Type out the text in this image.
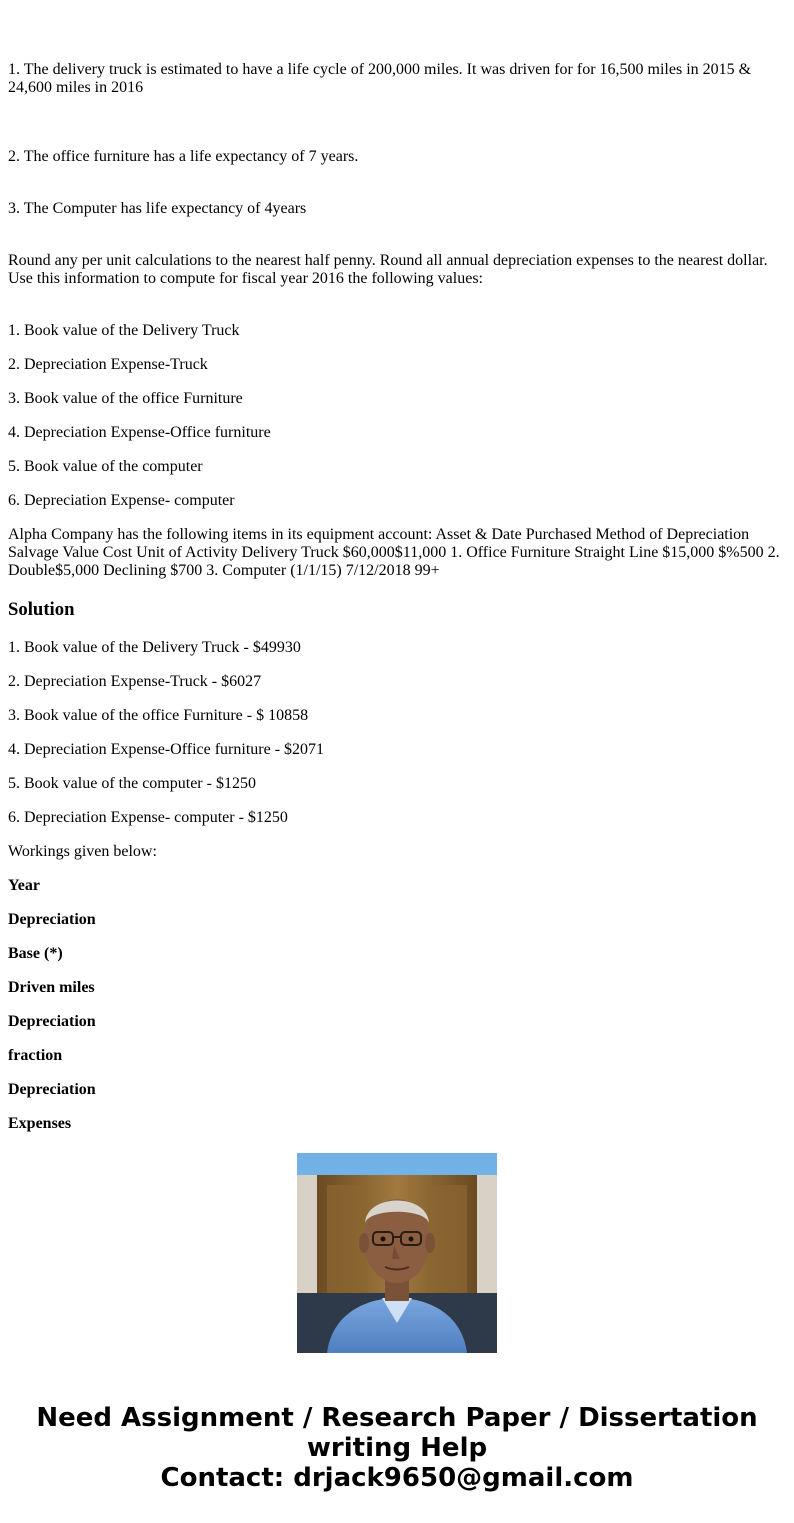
1. The delivery truck is estimated to have a life cycle of 200,000 miles. It was driven for for 16,500 miles in 2015 & 24,600 miles in 2016

2. The office furniture has a life expectancy of 7 years.

3. The Computer has life expectancy of 4years

Round any per unit calculations to the nearest half penny. Round all annual depreciation expenses to the nearest dollar. Use this information to compute for fiscal year 2016 the following values:

1. Book value of the Delivery Truck

2. Depreciation Expense-Truck

3. Book value of the office Furniture

4. Depreciation Expense-Office furniture

5. Book value of the computer

6. Depreciation Expense- computer

Alpha Company has the following items in its equipment account: Asset & Date Purchased Method of Depreciation Salvage Value Cost Unit of Activity Delivery Truck $60,000$11,000 1. Office Furniture Straight Line $15,000 $%500 2. Double$5,000 Declining $700 3. Computer (1/1/15) 7/12/2018 99+

Solution

1. Book value of the Delivery Truck - $49930

2. Depreciation Expense-Truck - $6027

3. Book value of the office Furniture - $ 10858

4. Depreciation Expense-Office furniture - $2071

5. Book value of the computer - $1250

6. Depreciation Expense- computer - $1250

Workings given below:

Year

Depreciation

Base (*)

Driven miles

Depreciation

fraction

Depreciation

Expenses

Need Assignment / Research Paper / Dissertation
writing Help
Contact: drjack9650@gmail.com
